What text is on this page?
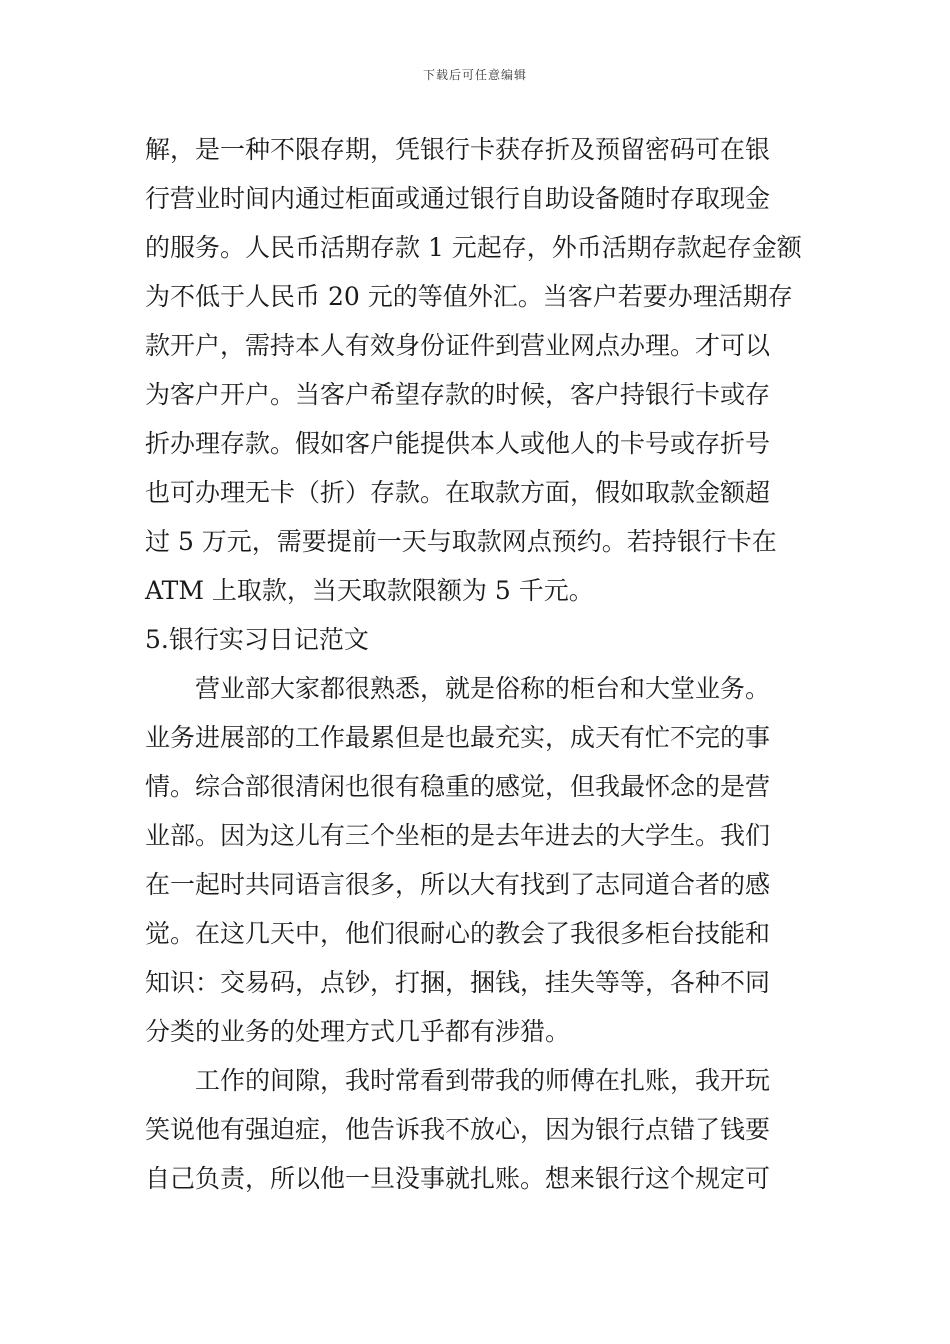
下载后可任意编辑
解，是一种不限存期，凭银行卡获存折及预留密码可在银
行营业时间内通过柜面或通过银行自助设备随时存取现金
的服务。人民币活期存款 1 元起存，外币活期存款起存金额
为不低于人民币 20 元的等值外汇。当客户若要办理活期存
款开户，需持本人有效身份证件到营业网点办理。才可以
为客户开户。当客户希望存款的时候，客户持银行卡或存
折办理存款。假如客户能提供本人或他人的卡号或存折号
也可办理无卡（折）存款。在取款方面，假如取款金额超
过 5 万元，需要提前一天与取款网点预约。若持银行卡在
ATM 上取款，当天取款限额为 5 千元。
5.银行实习日记范文
营业部大家都很熟悉，就是俗称的柜台和大堂业务。
业务进展部的工作最累但是也最充实，成天有忙不完的事
情。综合部很清闲也很有稳重的感觉，但我最怀念的是营
业部。因为这儿有三个坐柜的是去年进去的大学生。我们
在一起时共同语言很多，所以大有找到了志同道合者的感
觉。在这几天中，他们很耐心的教会了我很多柜台技能和
知识：交易码，点钞，打捆，捆钱，挂失等等，各种不同
分类的业务的处理方式几乎都有涉猎。
工作的间隙，我时常看到带我的师傅在扎账，我开玩
笑说他有强迫症，他告诉我不放心，因为银行点错了钱要
自己负责，所以他一旦没事就扎账。想来银行这个规定可
